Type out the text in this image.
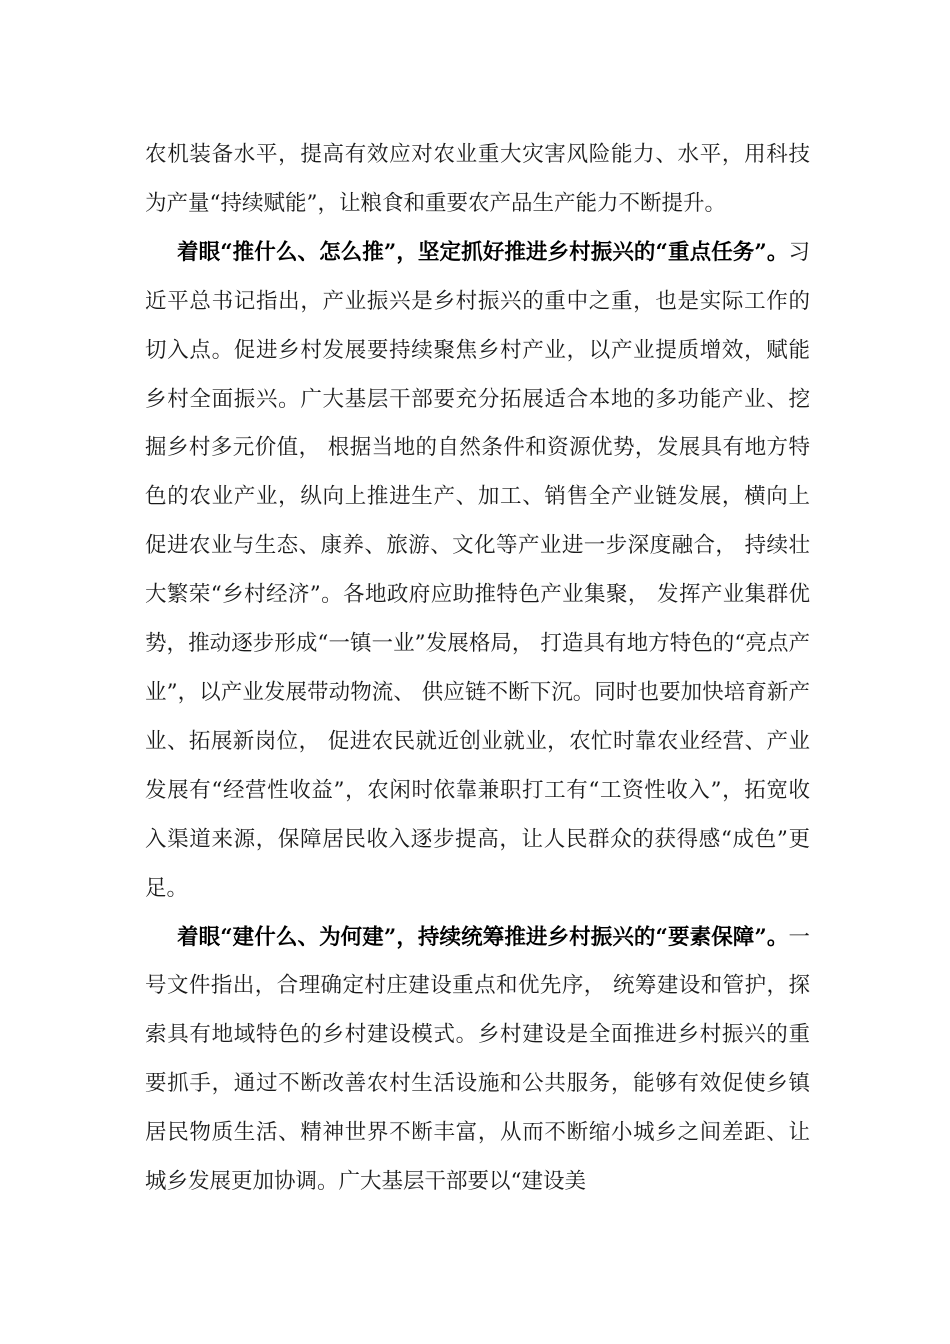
农机装备水平，提高有效应对农业重大灾害风险能力、水平，用科技为产量“持续赋能”，让粮食和重要农产品生产能力不断提升。

着眼“推什么、怎么推”，坚定抓好推进乡村振兴的“重点任务”。习近平总书记指出，产业振兴是乡村振兴的重中之重，也是实际工作的切入点。促进乡村发展要持续聚焦乡村产业，以产业提质增效，赋能乡村全面振兴。广大基层干部要充分拓展适合本地的多功能产业、挖掘乡村多元价值， 根据当地的自然条件和资源优势，发展具有地方特色的农业产业，纵向上推进生产、加工、销售全产业链发展，横向上促进农业与生态、康养、旅游、文化等产业进一步深度融合， 持续壮大繁荣“乡村经济”。各地政府应助推特色产业集聚， 发挥产业集群优势，推动逐步形成“一镇一业”发展格局， 打造具有地方特色的“亮点产业”，以产业发展带动物流、 供应链不断下沉。同时也要加快培育新产业、拓展新岗位， 促进农民就近创业就业，农忙时靠农业经营、产业发展有“经营性收益”，农闲时依靠兼职打工有“工资性收入”，拓宽收入渠道来源，保障居民收入逐步提高，让人民群众的获得感“成色”更足。

着眼“建什么、为何建”，持续统筹推进乡村振兴的“要素保障”。一号文件指出，合理确定村庄建设重点和优先序， 统筹建设和管护，探索具有地域特色的乡村建设模式。乡村建设是全面推进乡村振兴的重要抓手，通过不断改善农村生活设施和公共服务，能够有效促使乡镇居民物质生活、精神世界不断丰富，从而不断缩小城乡之间差距、让城乡发展更加协调。广大基层干部要以“建设美
